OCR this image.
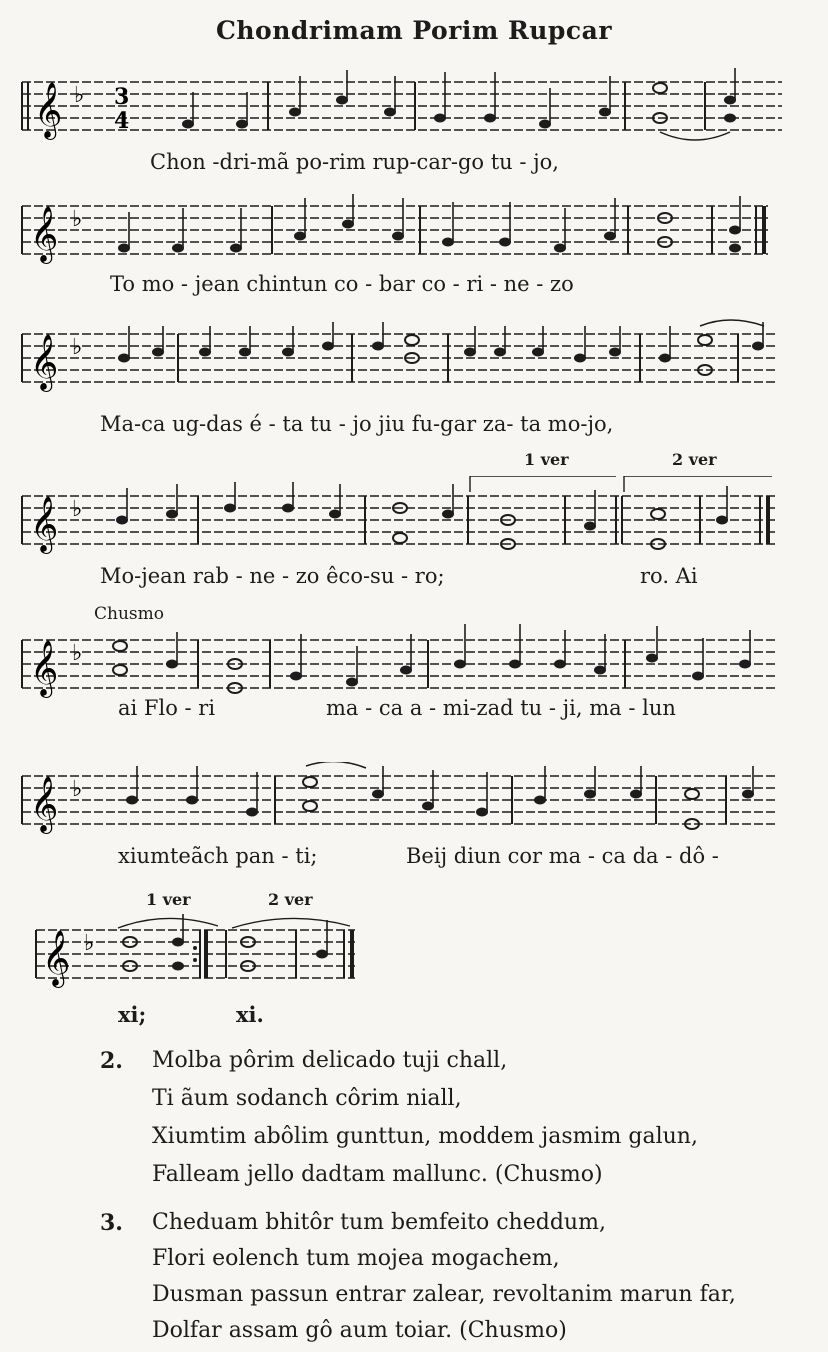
Chondrimam Porim Rupcar
𝄞 ♭ 3
4
Chon -dri-mã po-rim rup-car-go tu - jo,
𝄞 ♭
To mo - jean chintun co - bar co - ri - ne - zo
𝄞 ♭
Ma-ca ug-das é - ta tu - jo jiu fu-gar za- ta mo-jo,
1 ver	2 ver
𝄞 ♭
Mo-jean rab - ne - zo êco-su - ro;	ro. Ai
Chusmo
𝄞 ♭
ai Flo - ri	ma - ca a - mi-zad tu - ji, ma - lun
𝄞 ♭
xiumteãch pan - ti;	Beij diun cor ma - ca da - dô -
1 ver	2 ver
𝄞 ♭
xi;	xi.
2. Molba pôrim delicado tuji chall,
Ti ãum sodanch côrim niall,
Xiumtim abôlim gunttun, moddem jasmim galun,
Falleam jello dadtam mallunc. (Chusmo)
3. Cheduam bhitôr tum bemfeito cheddum,
Flori eolench tum mojea mogachem,
Dusman passun entrar zalear, revoltanim marun far,
Dolfar assam gô aum toiar. (Chusmo)
